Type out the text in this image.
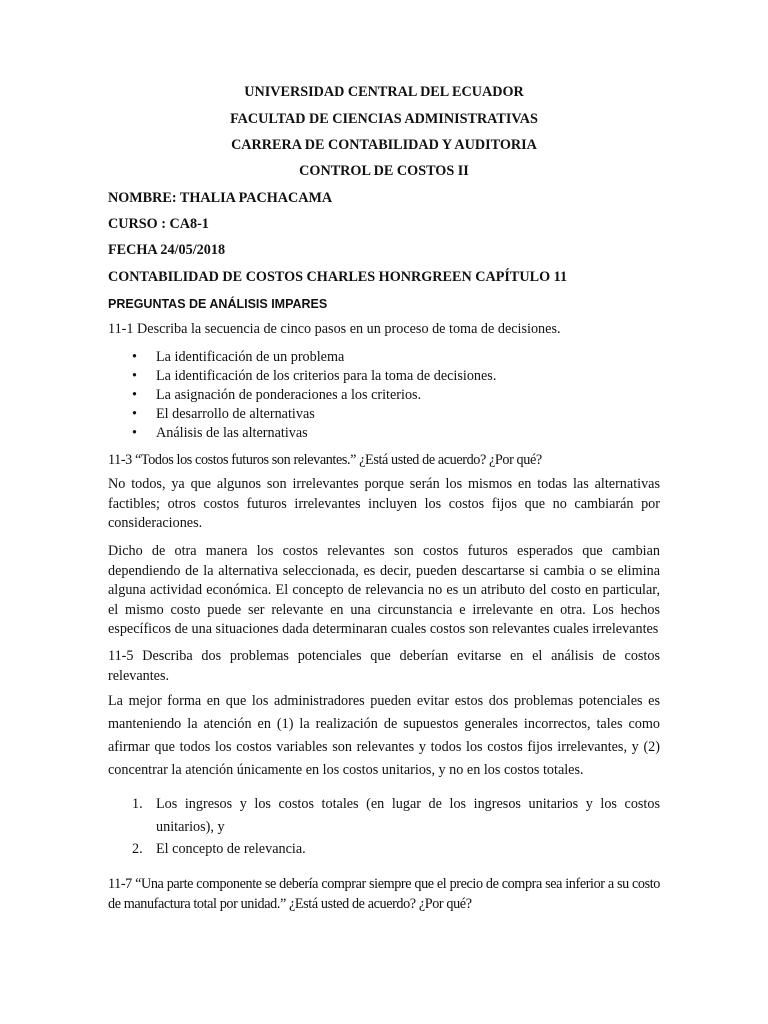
UNIVERSIDAD CENTRAL DEL ECUADOR
FACULTAD DE CIENCIAS ADMINISTRATIVAS
CARRERA DE CONTABILIDAD Y AUDITORIA
CONTROL DE COSTOS II
NOMBRE: THALIA PACHACAMA
CURSO : CA8-1
FECHA 24/05/2018
CONTABILIDAD DE COSTOS CHARLES HONRGREEN CAPÍTULO 11
PREGUNTAS DE ANÁLISIS IMPARES
11-1 Describa la secuencia de cinco pasos en un proceso de toma de decisiones.
• La identificación de un problema
• La identificación de los criterios para la toma de decisiones.
• La asignación de ponderaciones a los criterios.
• El desarrollo de alternativas
• Análisis de las alternativas
11-3 “Todos los costos futuros son relevantes.” ¿Está usted de acuerdo? ¿Por qué?
No todos, ya que algunos son irrelevantes porque serán los mismos en todas las alternativas factibles; otros costos futuros irrelevantes incluyen los costos fijos que no cambiarán por consideraciones.
Dicho de otra manera los costos relevantes son costos futuros esperados que cambian dependiendo de la alternativa seleccionada, es decir, pueden descartarse si cambia o se elimina alguna actividad económica. El concepto de relevancia no es un atributo del costo en particular, el mismo costo puede ser relevante en una circunstancia e irrelevante en otra. Los hechos específicos de una situaciones dada determinaran cuales costos son relevantes cuales irrelevantes
11-5 Describa dos problemas potenciales que deberían evitarse en el análisis de costos relevantes.
La mejor forma en que los administradores pueden evitar estos dos problemas potenciales es manteniendo la atención en (1) la realización de supuestos generales incorrectos, tales como afirmar que todos los costos variables son relevantes y todos los costos fijos irrelevantes, y (2) concentrar la atención únicamente en los costos unitarios, y no en los costos totales.
1. Los ingresos y los costos totales (en lugar de los ingresos unitarios y los costos unitarios), y
2. El concepto de relevancia.
11-7 “Una parte componente se debería comprar siempre que el precio de compra sea inferior a su costo de manufactura total por unidad.” ¿Está usted de acuerdo? ¿Por qué?
